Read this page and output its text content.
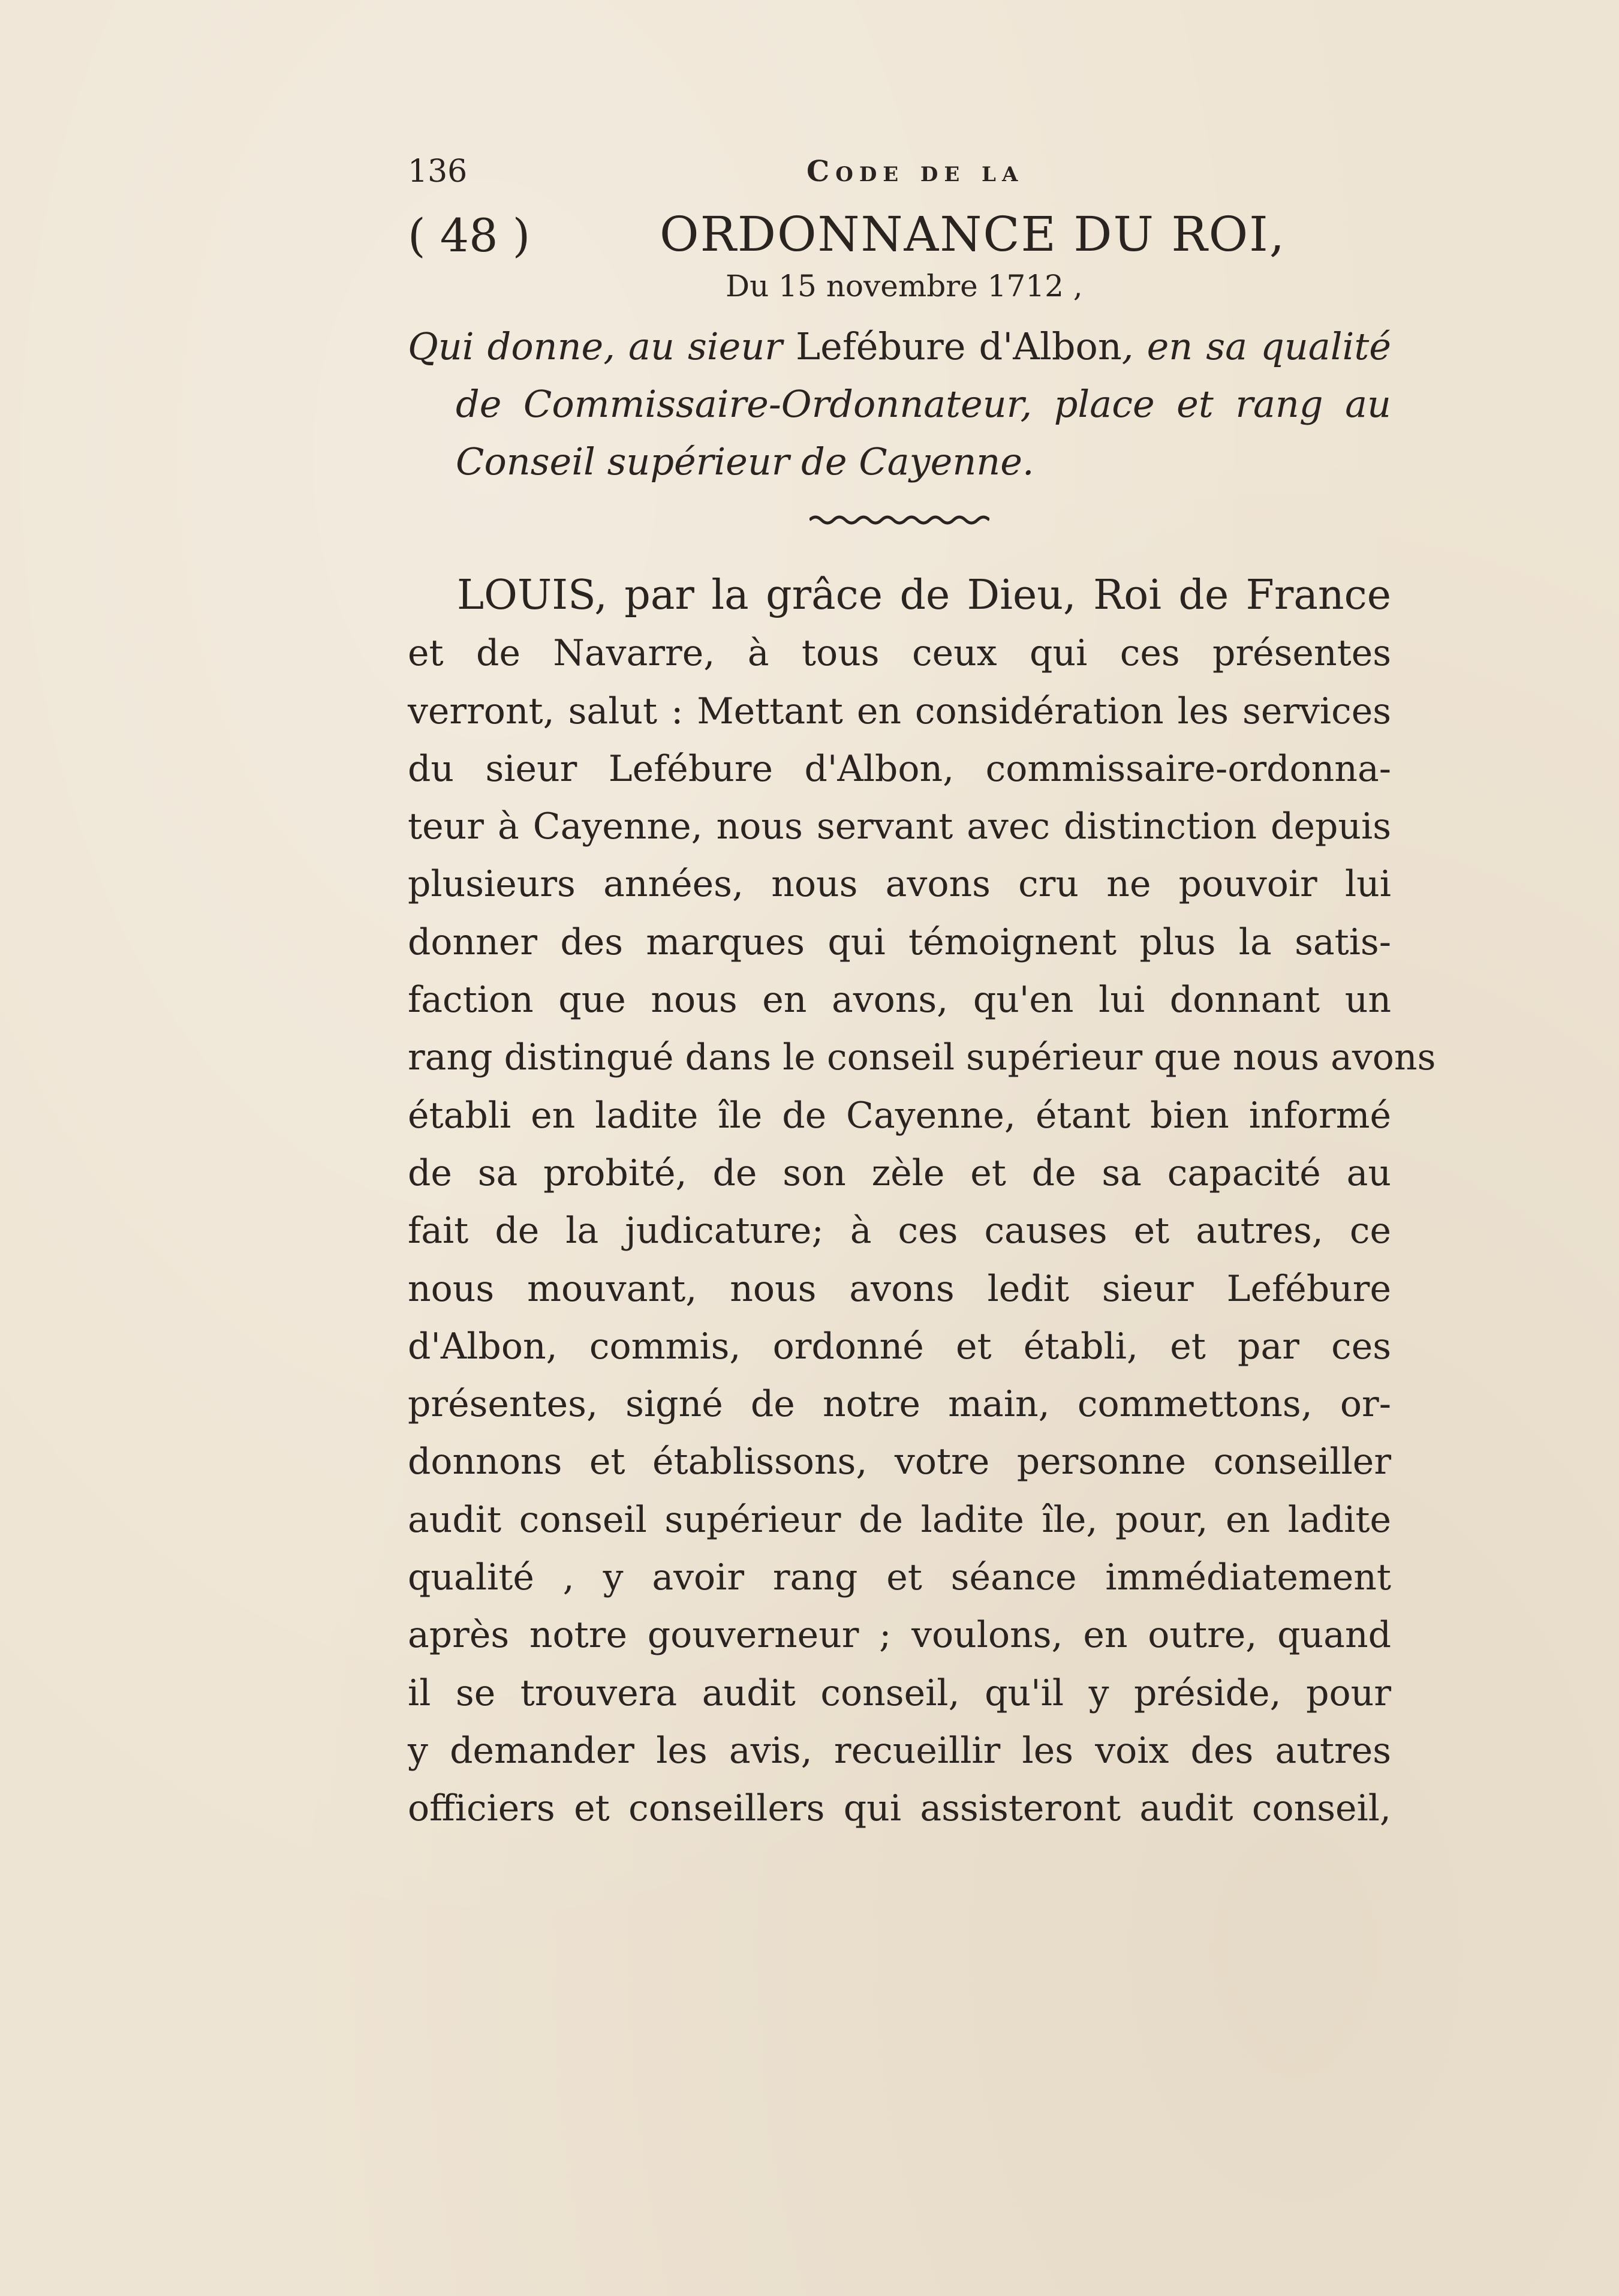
136	Code de la
( 48 )	ORDONNANCE DU ROI,
Du 15 novembre 1712 ,
Qui donne, au sieur Lefébure d'Albon, en sa qualité
de Commissaire-Ordonnateur, place et rang au
Conseil supérieur de Cayenne.
LOUIS, par la grâce de Dieu, Roi de France
et de Navarre, à tous ceux qui ces présentes
verront, salut : Mettant en considération les services
du sieur Lefébure d'Albon, commissaire-ordonna-
teur à Cayenne, nous servant avec distinction depuis
plusieurs années, nous avons cru ne pouvoir lui
donner des marques qui témoignent plus la satis-
faction que nous en avons, qu'en lui donnant un
rang distingué dans le conseil supérieur que nous avons
établi en ladite île de Cayenne, étant bien informé
de sa probité, de son zèle et de sa capacité au
fait de la judicature; à ces causes et autres, ce
nous mouvant, nous avons ledit sieur Lefébure
d'Albon, commis, ordonné et établi, et par ces
présentes, signé de notre main, commettons, or-
donnons et établissons, votre personne conseiller
audit conseil supérieur de ladite île, pour, en ladite
qualité , y avoir rang et séance immédiatement
après notre gouverneur ; voulons, en outre, quand
il se trouvera audit conseil, qu'il y préside, pour
y demander les avis, recueillir les voix des autres
officiers et conseillers qui assisteront audit conseil,
